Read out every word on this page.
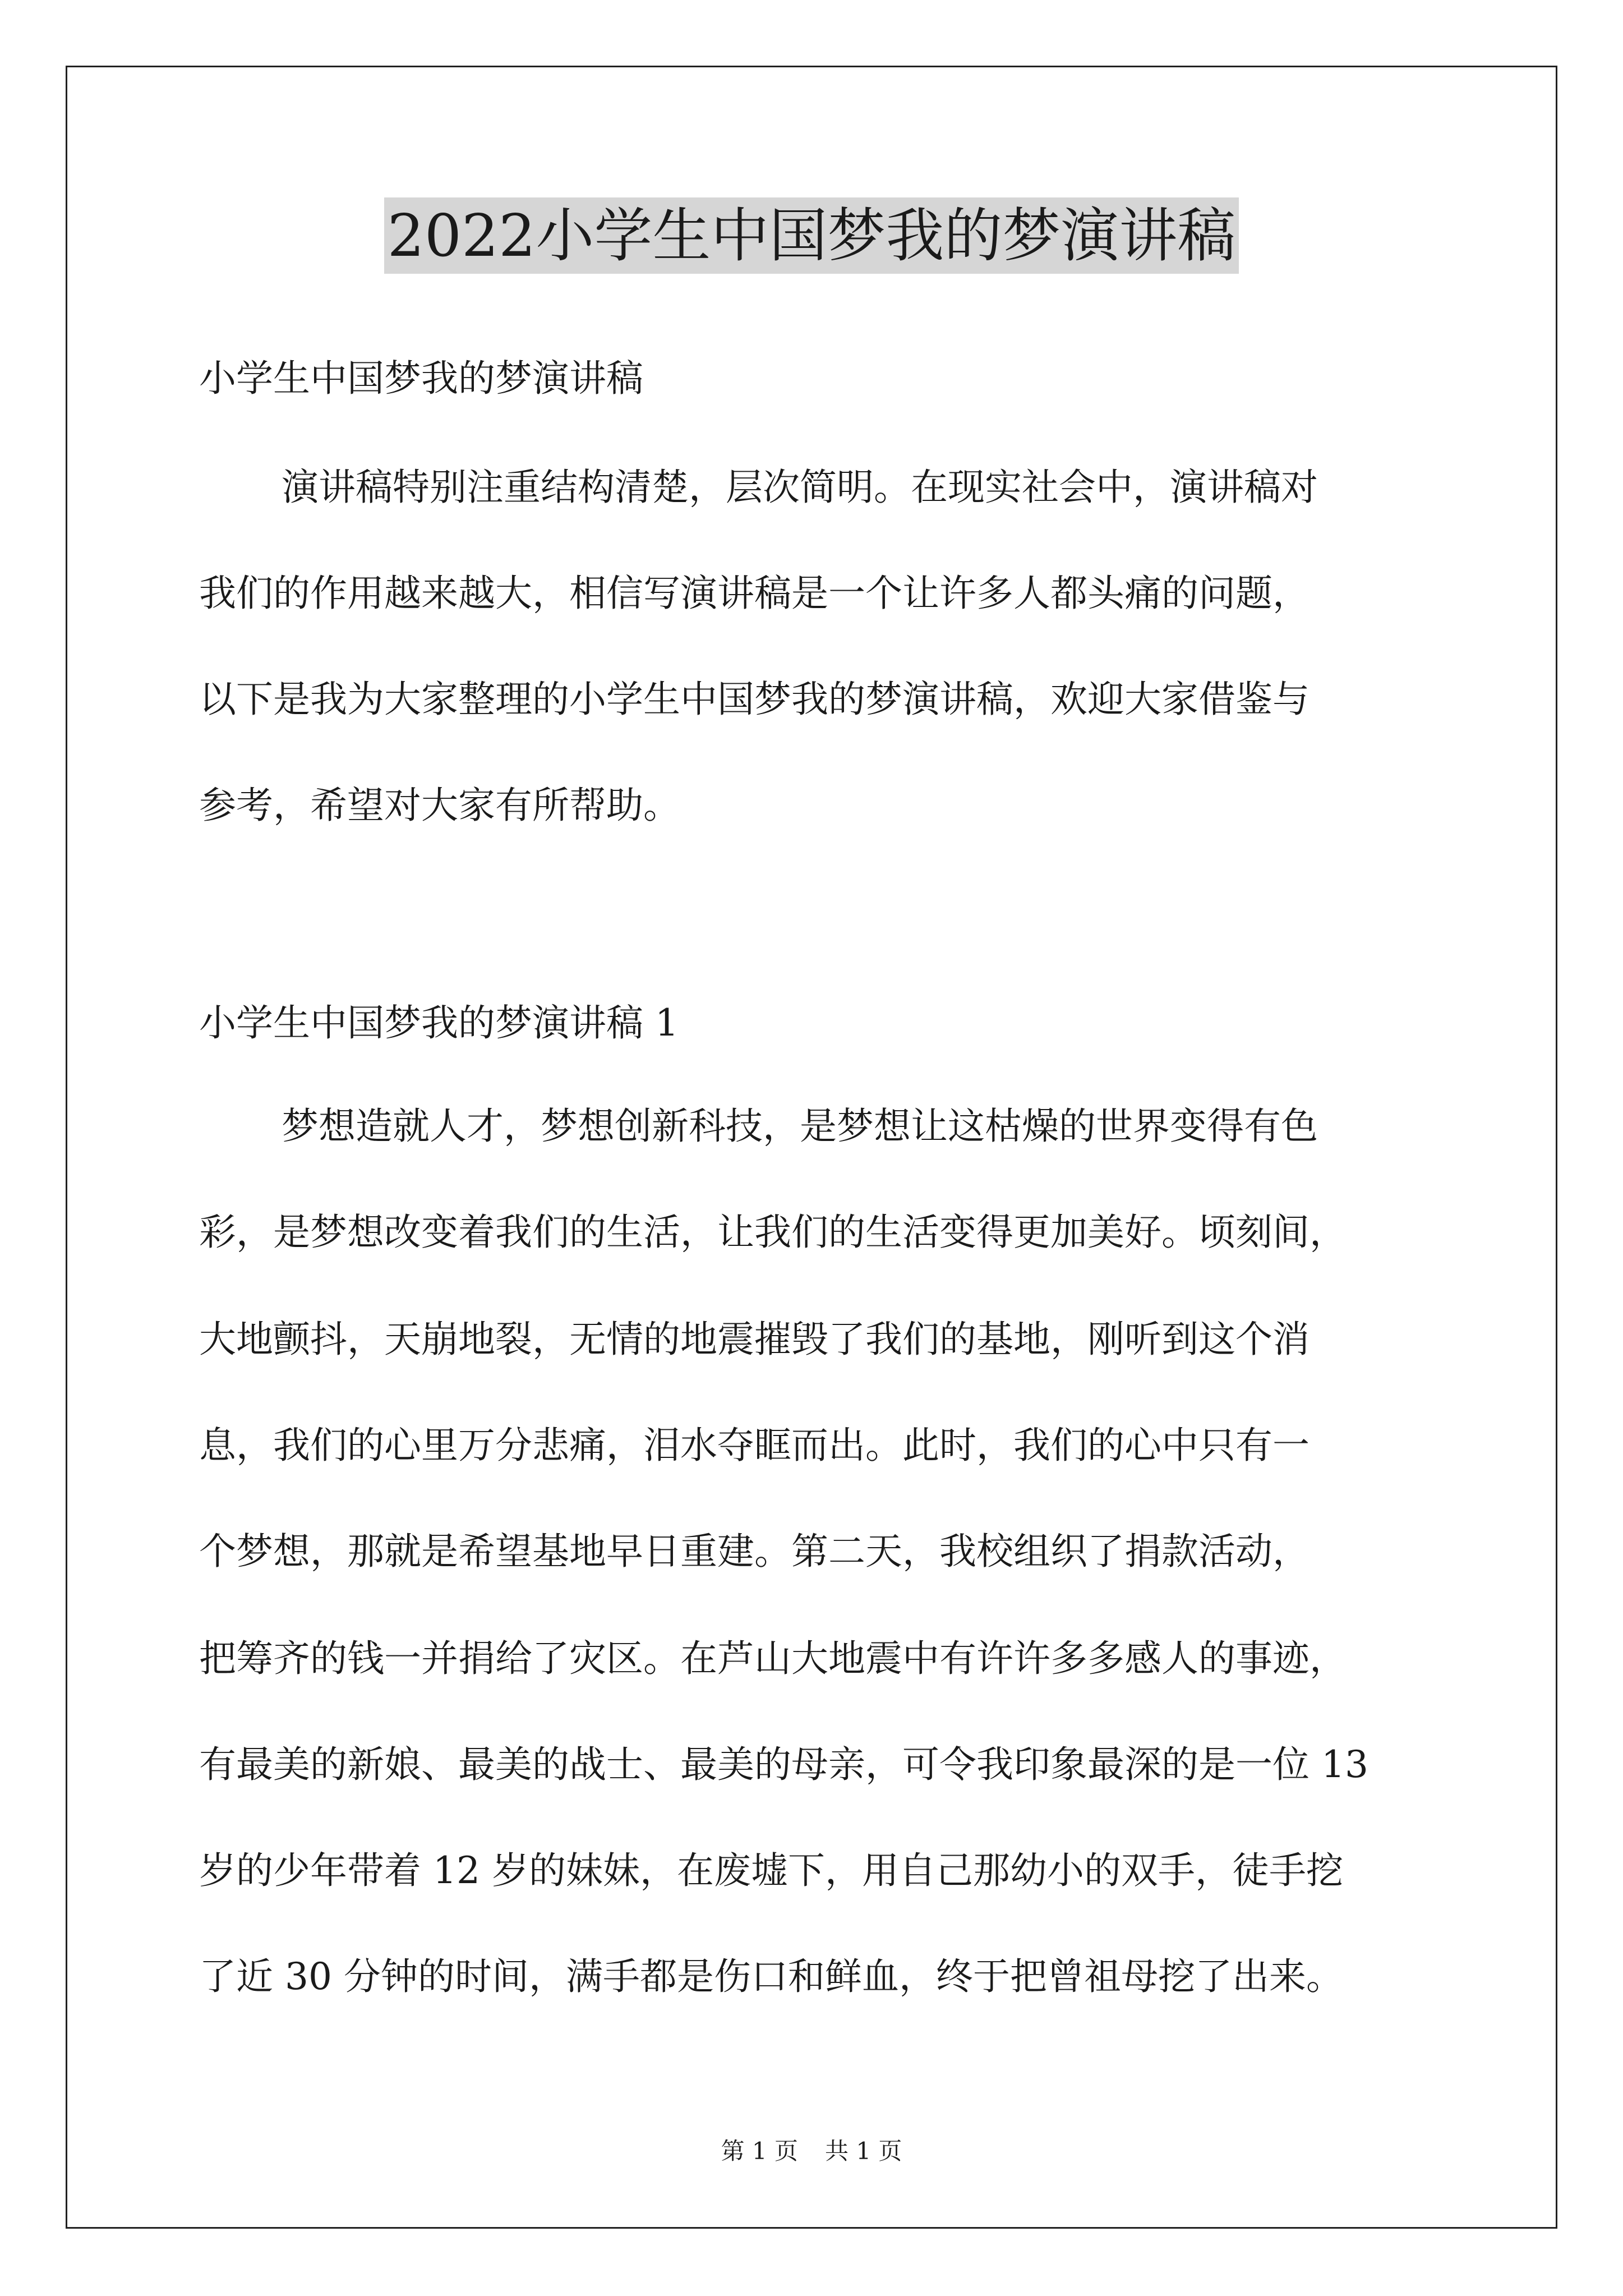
2022小学生中国梦我的梦演讲稿
小学生中国梦我的梦演讲稿
演讲稿特别注重结构清楚，层次简明。在现实社会中，演讲稿对
我们的作用越来越大，相信写演讲稿是一个让许多人都头痛的问题，
以下是我为大家整理的小学生中国梦我的梦演讲稿，欢迎大家借鉴与
参考，希望对大家有所帮助。
小学生中国梦我的梦演讲稿 1
梦想造就人才，梦想创新科技，是梦想让这枯燥的世界变得有色
彩，是梦想改变着我们的生活，让我们的生活变得更加美好。顷刻间，
大地颤抖，天崩地裂，无情的地震摧毁了我们的基地，刚听到这个消
息，我们的心里万分悲痛，泪水夺眶而出。此时，我们的心中只有一
个梦想，那就是希望基地早日重建。第二天，我校组织了捐款活动，
把筹齐的钱一并捐给了灾区。在芦山大地震中有许许多多感人的事迹，
有最美的新娘、最美的战士、最美的母亲，可令我印象最深的是一位 13
岁的少年带着 12 岁的妹妹，在废墟下，用自己那幼小的双手，徒手挖
了近 30 分钟的时间，满手都是伤口和鲜血，终于把曾祖母挖了出来。
第 1 页 共 1 页
